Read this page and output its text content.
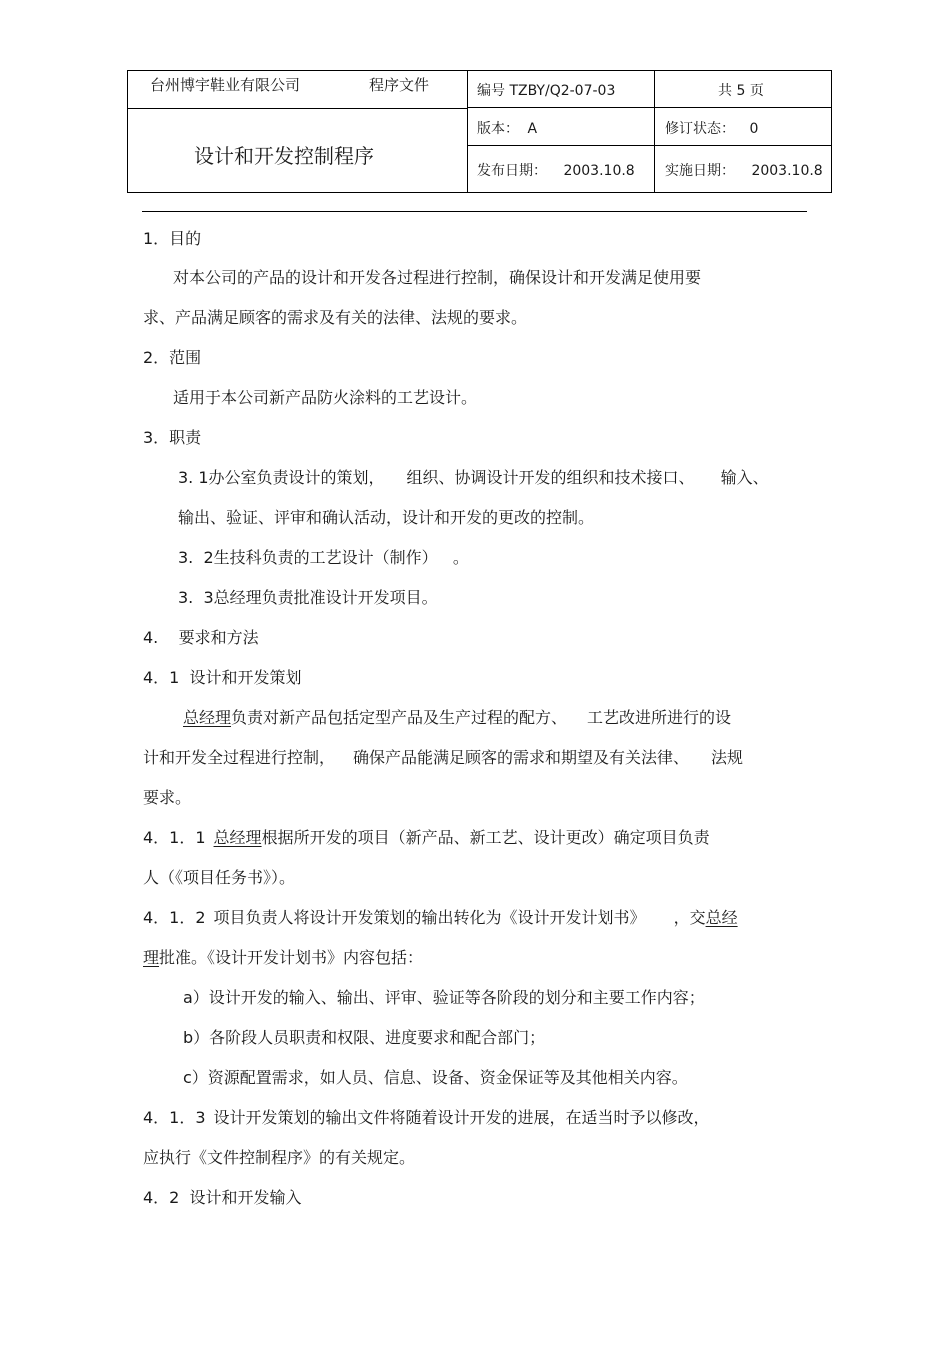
台州博宇鞋业有限公司	程序文件	编号 TZBY/Q2-07-03	共 5 页
设计和开发控制程序
版本： A	修订状态： 0
发布日期： 2003.10.8 实施日期： 2003.10.8
1．目的
对本公司的产品的设计和开发各过程进行控制，确保设计和开发满足使用要
求、产品满足顾客的需求及有关的法律、法规的要求。
2．范围
适用于本公司新产品防火涂料的工艺设计。
3．职责
3. 1办公室负责设计的策划， 组织、协调设计开发的组织和技术接口、 输入、
输出、验证、评审和确认活动，设计和开发的更改的控制。
3.  2生技科负责的工艺设计（制作）   。
3.  3总经理负责批准设计开发项目。
4.    要求和方法
4．1  设计和开发策划
总经理负责对新产品包括定型产品及生产过程的配方、 工艺改进所进行的设
计和开发全过程进行控制， 确保产品能满足顾客的需求和期望及有关法律、 法规
要求。
4．1．1 总经理根据所开发的项目（新产品、新工艺、设计更改）确定项目负责
人（《项目任务书》）。
4．1．2 项目负责人将设计开发策划的输出转化为《设计开发计划书》 ，交总经
理批准。《设计开发计划书》内容包括：
a）设计开发的输入、输出、评审、验证等各阶段的划分和主要工作内容；
b）各阶段人员职责和权限、进度要求和配合部门；
c）资源配置需求，如人员、信息、设备、资金保证等及其他相关内容。
4．1．3 设计开发策划的输出文件将随着设计开发的进展，在适当时予以修改，
应执行《文件控制程序》的有关规定。
4．2  设计和开发输入
